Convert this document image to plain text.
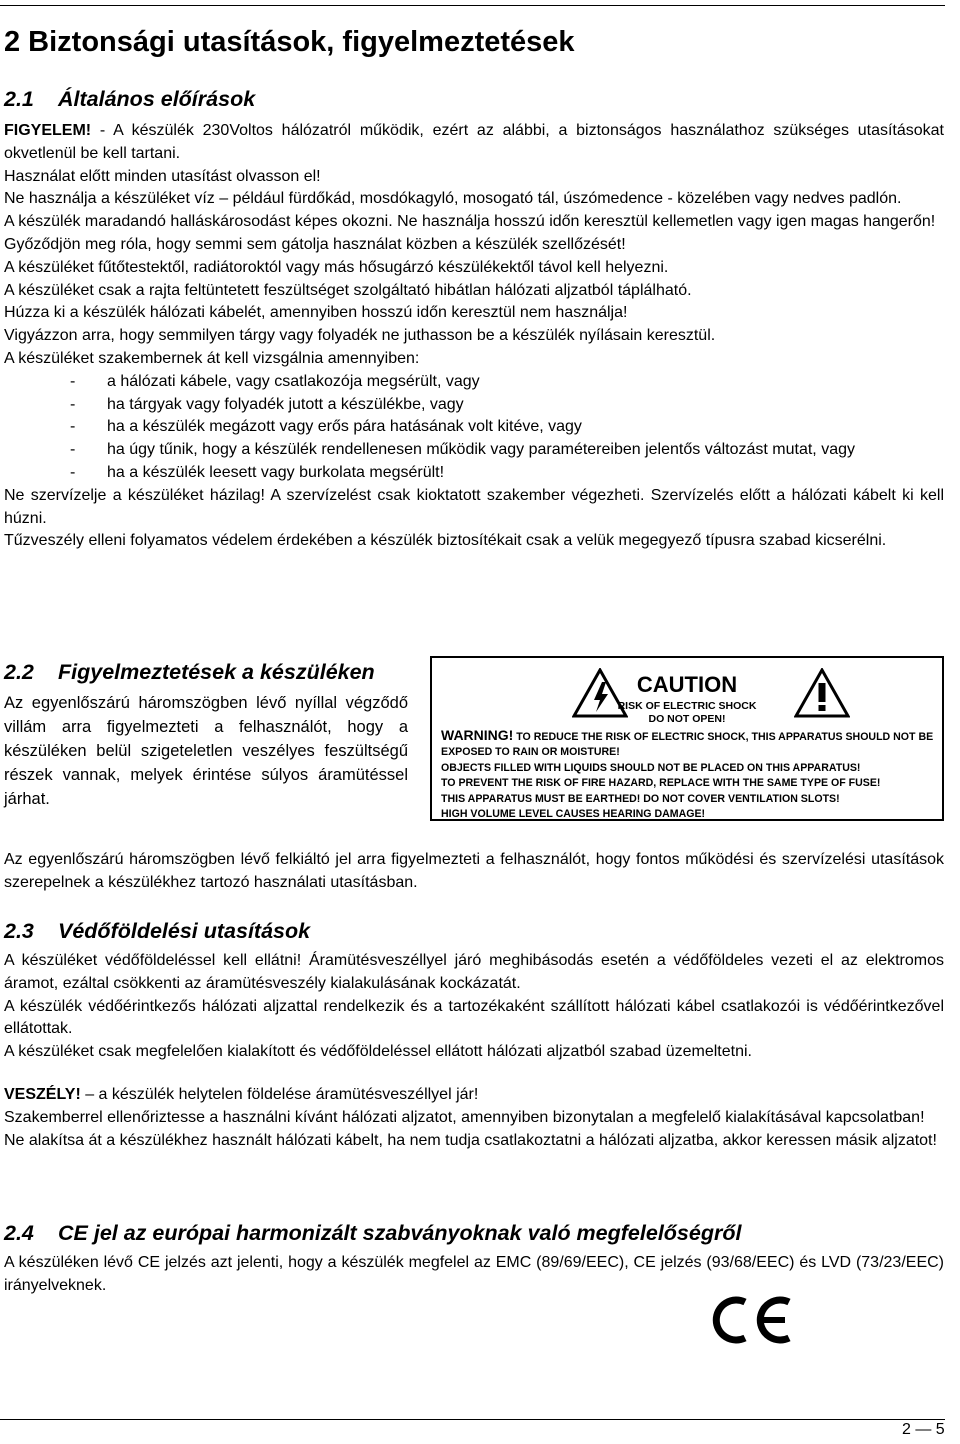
2 Biztonsági utasítások, figyelmeztetések
2.1 Általános előírások

FIGYELEM! - A készülék 230Voltos hálózatról működik, ezért az alábbi, a biztonságos használathoz szükséges utasításokat okvetlenül be kell tartani.

Használat előtt minden utasítást olvasson el!

Ne használja a készüléket víz – például fürdőkád, mosdókagyló, mosogató tál, úszómedence - közelében vagy nedves padlón.

A készülék maradandó halláskárosodást képes okozni. Ne használja hosszú időn keresztül kellemetlen vagy igen magas hangerőn!

Győződjön meg róla, hogy semmi sem gátolja használat közben a készülék szellőzését!

A készüléket fűtőtestektől, radiátoroktól vagy más hősugárzó készülékektől távol kell helyezni.

A készüléket csak a rajta feltüntetett feszültséget szolgáltató hibátlan hálózati aljzatból táplálható.

Húzza ki a készülék hálózati kábelét, amennyiben hosszú időn keresztül nem használja!

Vigyázzon arra, hogy semmilyen tárgy vagy folyadék ne juthasson be a készülék nyílásain keresztül.

A készüléket szakembernek át kell vizsgálnia amennyiben:

- a hálózati kábele, vagy csatlakozója megsérült, vagy
- ha tárgyak vagy folyadék jutott a készülékbe, vagy
- ha a készülék megázott vagy erős pára hatásának volt kitéve, vagy
- ha úgy tűnik, hogy a készülék rendellenesen működik vagy paramétereiben jelentős változást mutat, vagy
- ha a készülék leesett vagy burkolata megsérült!

Ne szervízelje a készüléket házilag! A szervízelést csak kioktatott szakember végezheti. Szervízelés előtt a hálózati kábelt ki kell húzni.

Tűzveszély elleni folyamatos védelem érdekében a készülék biztosítékait csak a velük megegyező típusra szabad kicserélni.

2.2 Figyelmeztetések a készüléken
Az egyenlőszárú háromszögben lévő nyíllal végződő villám arra figyelmezteti a felhasználót, hogy a készüléken belül szigeteletlen veszélyes feszültségű részek vannak, melyek érintése súlyos áramütéssel járhat.
CAUTION
RISK OF ELECTRIC SHOCK
DO NOT OPEN!
WARNING! TO REDUCE THE RISK OF ELECTRIC SHOCK, THIS APPARATUS SHOULD NOT BE
EXPOSED TO RAIN OR MOISTURE!
OBJECTS FILLED WITH LIQUIDS SHOULD NOT BE PLACED ON THIS APPARATUS!
TO PREVENT THE RISK OF FIRE HAZARD, REPLACE WITH THE SAME TYPE OF FUSE!
THIS APPARATUS MUST BE EARTHED! DO NOT COVER VENTILATION SLOTS!
HIGH VOLUME LEVEL CAUSES HEARING DAMAGE!
Az egyenlőszárú háromszögben lévő felkiáltó jel arra figyelmezteti a felhasználót, hogy fontos működési és szervízelési utasítások szerepelnek a készülékhez tartozó használati utasításban.
2.3 Védőföldelési utasítások

A készüléket védőföldeléssel kell ellátni! Áramütésveszéllyel járó meghibásodás esetén a védőföldeles vezeti el az elektromos áramot, ezáltal csökkenti az áramütésveszély kialakulásának kockázatát.

A készülék védőérintkezős hálózati aljzattal rendelkezik és a tartozékaként szállított hálózati kábel csatlakozói is védőérintkezővel ellátottak.

A készüléket csak megfelelően kialakított és védőföldeléssel ellátott hálózati aljzatból szabad üzemeltetni.

VESZÉLY! – a készülék helytelen földelése áramütésveszéllyel jár!

Szakemberrel ellenőriztesse a használni kívánt hálózati aljzatot, amennyiben bizonytalan a megfelelő kialakításával kapcsolatban!

Ne alakítsa át a készülékhez használt hálózati kábelt, ha nem tudja csatlakoztatni a hálózati aljzatba, akkor keressen másik aljzatot!

2.4 CE jel az európai harmonizált szabványoknak való megfelelőségről
A készüléken lévő CE jelzés azt jelenti, hogy a készülék megfelel az EMC (89/69/EEC), CE jelzés (93/68/EEC) és LVD (73/23/EEC) irányelveknek.
2 — 5
